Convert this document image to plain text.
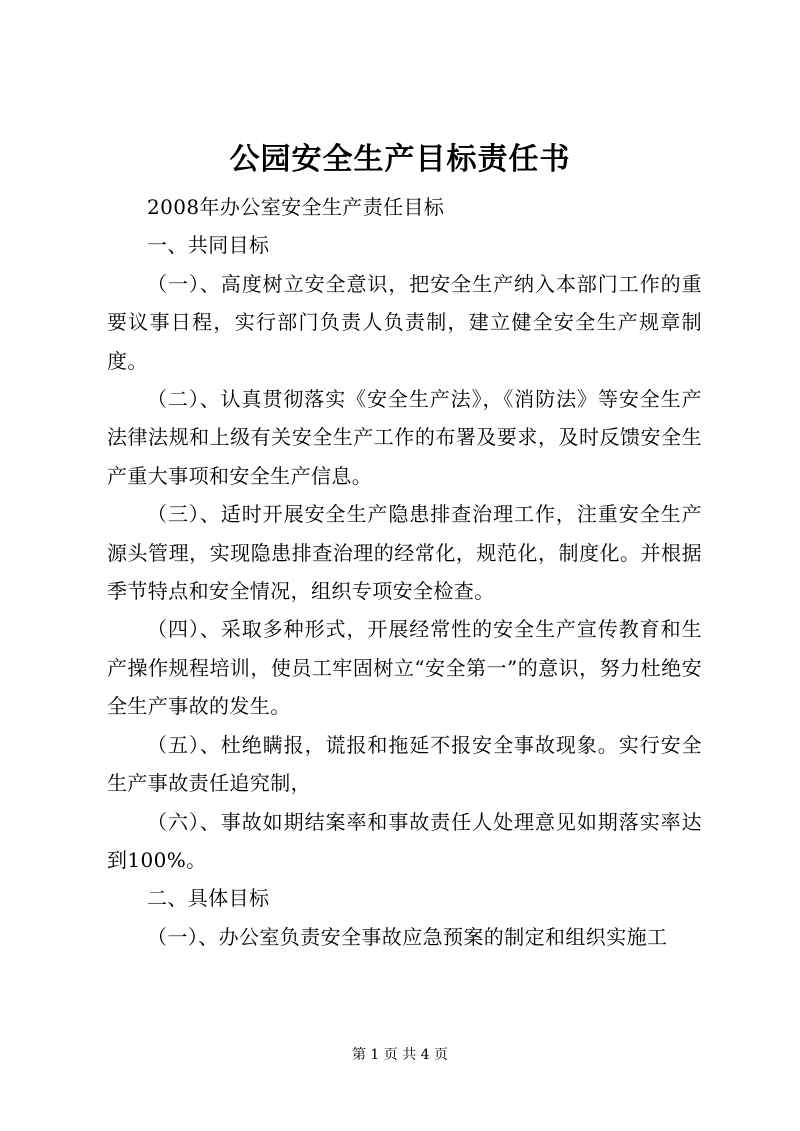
公园安全生产目标责任书

2008年办公室安全生产责任目标

一、共同目标

（一）、高度树立安全意识，把安全生产纳入本部门工作的重要议事日程，实行部门负责人负责制，建立健全安全生产规章制度。

（二）、认真贯彻落实《安全生产法》，《消防法》等安全生产法律法规和上级有关安全生产工作的布署及要求，及时反馈安全生产重大事项和安全生产信息。

（三）、适时开展安全生产隐患排查治理工作，注重安全生产源头管理，实现隐患排查治理的经常化，规范化，制度化。并根据季节特点和安全情况，组织专项安全检查。

（四）、采取多种形式，开展经常性的安全生产宣传教育和生产操作规程培训，使员工牢固树立“安全第一”的意识，努力杜绝安全生产事故的发生。

（五）、杜绝瞒报，谎报和拖延不报安全事故现象。实行安全生产事故责任追究制，

（六）、事故如期结案率和事故责任人处理意见如期落实率达到100%。

二、具体目标

（一）、办公室负责安全事故应急预案的制定和组织实施工

第 1 页 共 4 页
